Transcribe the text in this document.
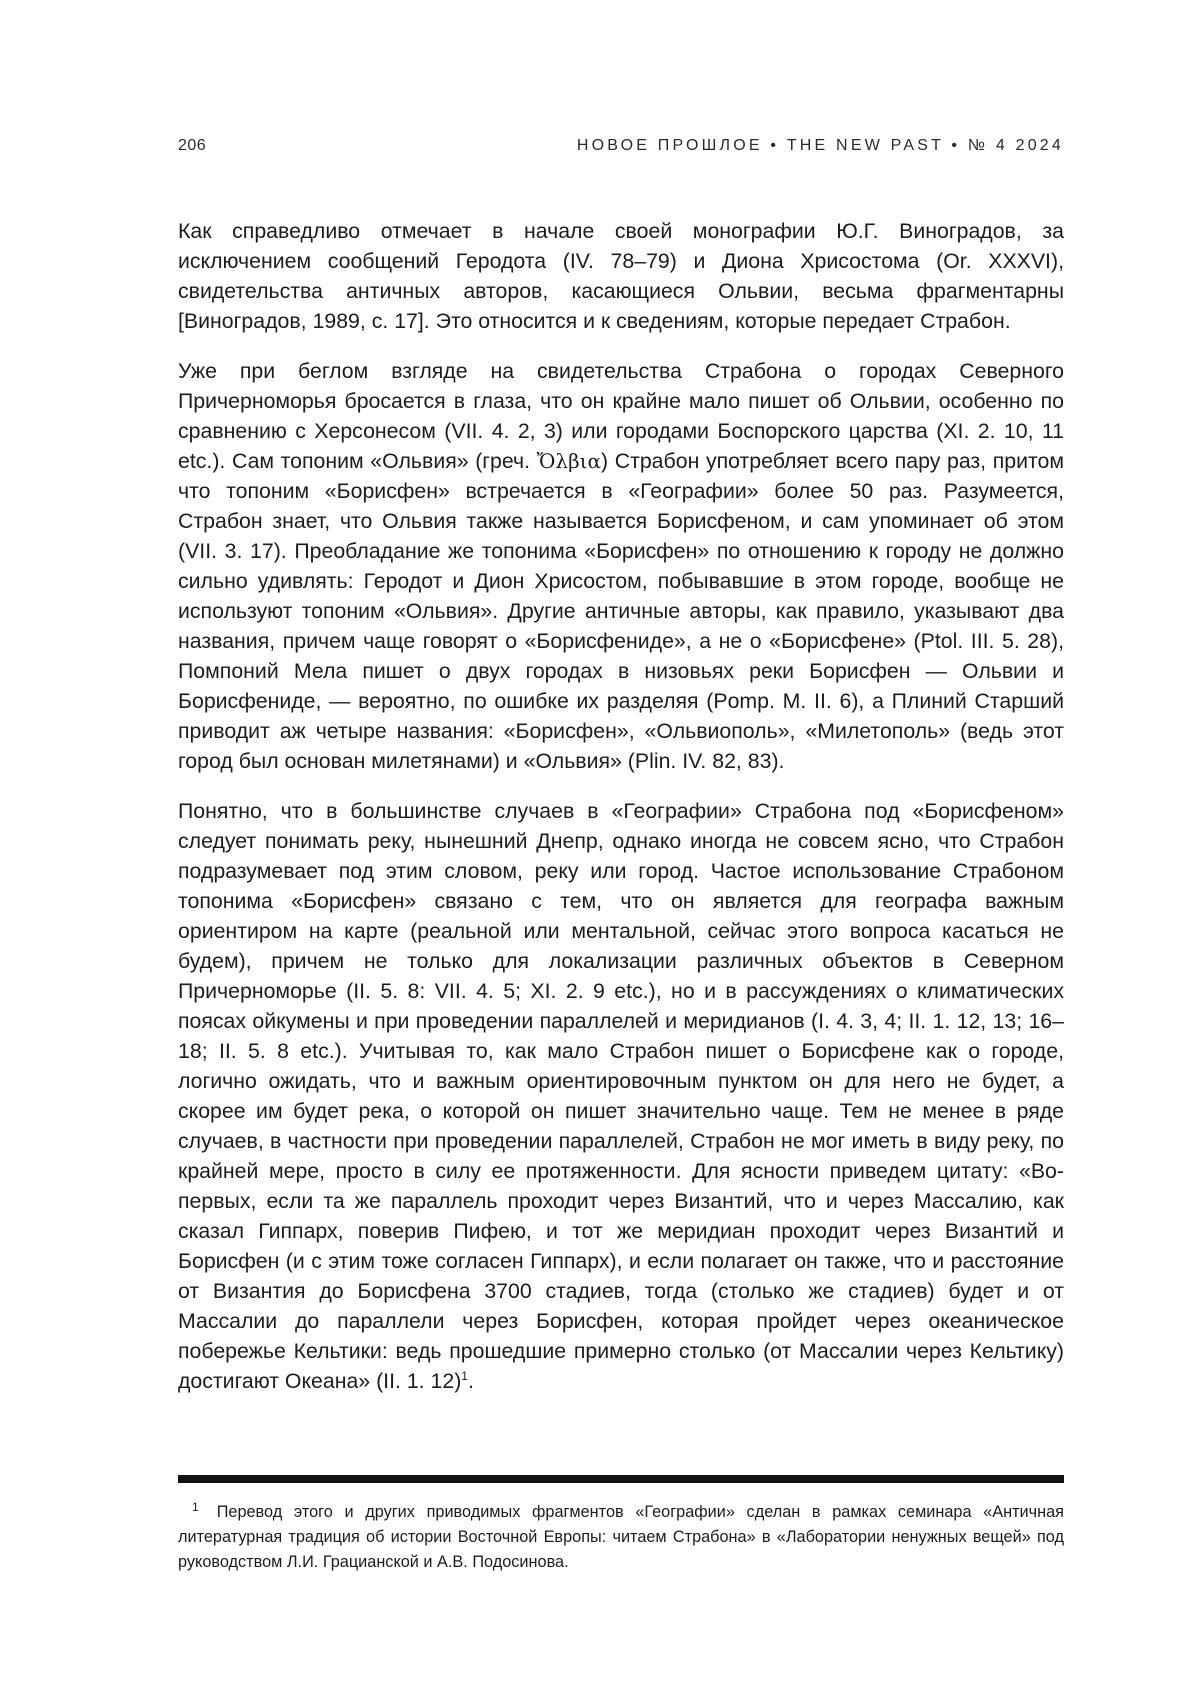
206	НОВОЕ ПРОШЛОЕ • THE NEW PAST • № 4 2024

Как справедливо отмечает в начале своей монографии Ю.Г. Виноградов, за исключением сообщений Геродота (IV. 78–79) и Диона Хрисостома (Or. XXXVI), свидетельства античных авторов, касающиеся Ольвии, весьма фрагментарны [Виноградов, 1989, с. 17]. Это относится и к сведениям, которые передает Страбон.

Уже при беглом взгляде на свидетельства Страбона о городах Северного Причерноморья бросается в глаза, что он крайне мало пишет об Ольвии, особенно по сравнению с Херсонесом (VII. 4. 2, 3) или городами Боспорского царства (XI. 2. 10, 11 etc.). Сам топоним «Ольвия» (греч. Ὄλβια) Страбон употребляет всего пару раз, притом что топоним «Борисфен» встречается в «Географии» более 50 раз. Разумеется, Страбон знает, что Ольвия также называется Борисфеном, и сам упоминает об этом (VII. 3. 17). Преобладание же топонима «Борисфен» по отношению к городу не должно сильно удивлять: Геродот и Дион Хрисостом, побывавшие в этом городе, вообще не используют топоним «Ольвия». Другие античные авторы, как правило, указывают два названия, причем чаще говорят о «Борисфениде», а не о «Борисфене» (Ptol. III. 5. 28), Помпоний Мела пишет о двух городах в низовьях реки Борисфен — Ольвии и Борисфениде, — вероятно, по ошибке их разделяя (Pomp. M. II. 6), а Плиний Старший приводит аж четыре названия: «Борисфен», «Ольвиополь», «Милетополь» (ведь этот город был основан милетянами) и «Ольвия» (Plin. IV. 82, 83).

Понятно, что в большинстве случаев в «Географии» Страбона под «Борисфеном» следует понимать реку, нынешний Днепр, однако иногда не совсем ясно, что Страбон подразумевает под этим словом, реку или город. Частое использование Страбоном топонима «Борисфен» связано с тем, что он является для географа важным ориентиром на карте (реальной или ментальной, сейчас этого вопроса касаться не будем), причем не только для локализации различных объектов в Северном Причерноморье (II. 5. 8: VII. 4. 5; XI. 2. 9 etc.), но и в рассуждениях о климатических поясах ойкумены и при проведении параллелей и меридианов (I. 4. 3, 4; II. 1. 12, 13; 16–18; II. 5. 8 etc.). Учитывая то, как мало Страбон пишет о Борисфене как о городе, логично ожидать, что и важным ориентировочным пунктом он для него не будет, а скорее им будет река, о которой он пишет значительно чаще. Тем не менее в ряде случаев, в частности при проведении параллелей, Страбон не мог иметь в виду реку, по крайней мере, просто в силу ее протяженности. Для ясности приведем цитату: «Во-первых, если та же параллель проходит через Византий, что и через Массалию, как сказал Гиппарх, поверив Пифею, и тот же меридиан проходит через Византий и Борисфен (и с этим тоже согласен Гиппарх), и если полагает он также, что и расстояние от Византия до Борисфена 3700 стадиев, тогда (столько же стадиев) будет и от Массалии до параллели через Борисфен, которая пройдет через океаническое побережье Кельтики: ведь прошедшие примерно столько (от Массалии через Кельтику) достигают Океана» (II. 1. 12)$^1$.

$^1$ Перевод этого и других приводимых фрагментов «Географии» сделан в рамках семинара «Античная литературная традиция об истории Восточной Европы: читаем Страбона» в «Лаборатории ненужных вещей» под руководством Л.И. Грацианской и А.В. Подосинова.
